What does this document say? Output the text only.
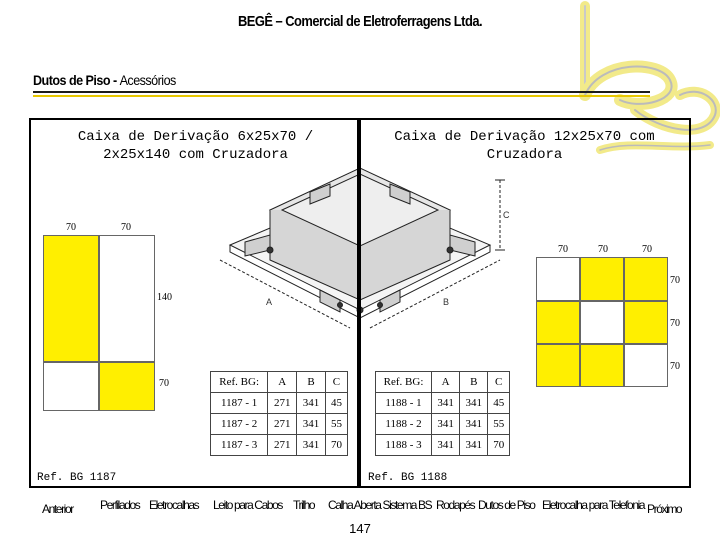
BEGÊ – Comercial de Eletroferragens Ltda.
Dutos de Piso - Acessórios
A	B
C
Caixa de Derivação 6x25x70 /
2x25x140 com Cruzadora
Caixa de Derivação 12x25x70 com
Cruzadora
70	70
140
70
70	70	70
70
70
70
Ref. BG:	A	B	C
1187 - 1	271	341	45
1187 - 2	271	341	55
1187 - 3	271	341	70
Ref. BG:	A	B	C
1188 - 1	341	341	45
1188 - 2	341	341	55
1188 - 3	341	341	70
Ref. BG 1187	Ref. BG 1188
Anterior Perfilados Eletrocalhas Leito para Cabos Trilho Calha Aberta Sistema BS Rodapés Dutos de Piso Eletrocalha para Telefonia Próximo
147
